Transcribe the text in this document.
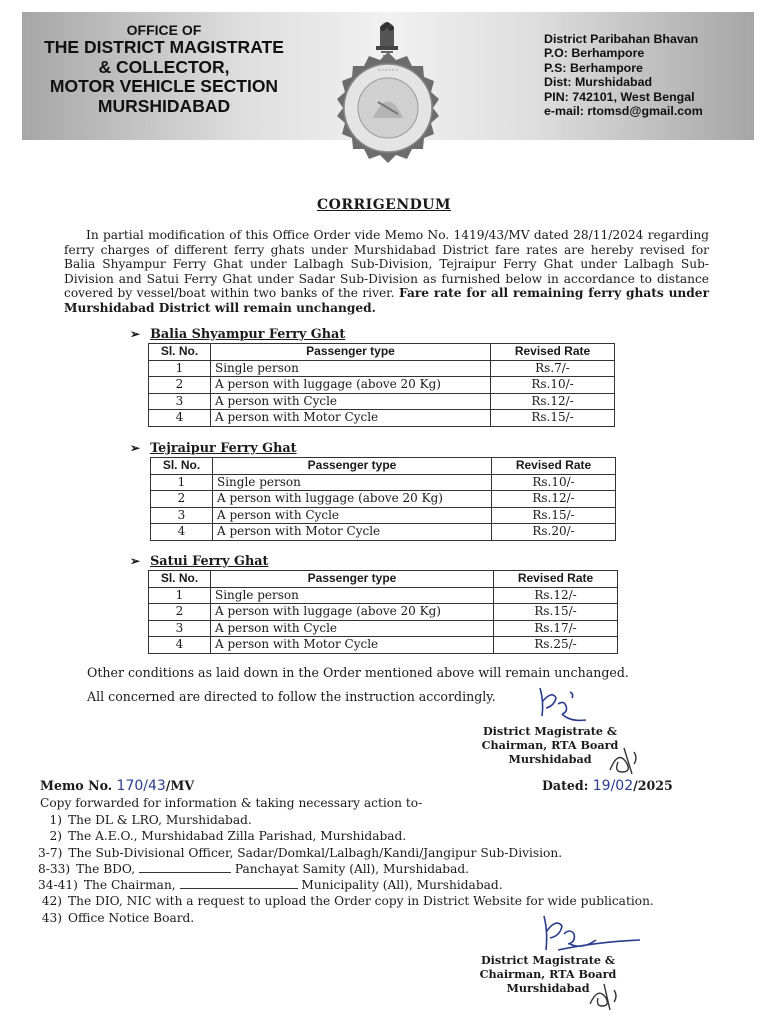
OFFICE OF
THE DISTRICT MAGISTRATE
& COLLECTOR,
MOTOR VEHICLE SECTION
MURSHIDABAD
◦◦◦◦◦◦
District Paribahan Bhavan
P.O: Berhampore
P.S: Berhampore
Dist: Murshidabad
PIN: 742101, West Bengal
e-mail: rtomsd@gmail.com
CORRIGENDUM

In partial modification of this Office Order vide Memo No. 1419/43/MV dated 28/11/2024 regarding ferry charges of different ferry ghats under Murshidabad District fare rates are hereby revised for Balia Shyampur Ferry Ghat under Lalbagh Sub-Division, Tejraipur Ferry Ghat under Lalbagh Sub-Division and Satui Ferry Ghat under Sadar Sub-Division as furnished below in accordance to distance covered by vessel/boat within two banks of the river. Fare rate for all remaining ferry ghats under Murshidabad District will remain unchanged.

➢ Balia Shyampur Ferry Ghat
Sl. No.	Passenger type	Revised Rate
1	Single person	Rs.7/-
2	A person with luggage (above 20 Kg)	Rs.10/-
3	A person with Cycle	Rs.12/-
4	A person with Motor Cycle	Rs.15/-
➢ Tejraipur Ferry Ghat
Sl. No.	Passenger type	Revised Rate
1	Single person	Rs.10/-
2	A person with luggage (above 20 Kg)	Rs.12/-
3	A person with Cycle	Rs.15/-
4	A person with Motor Cycle	Rs.20/-
➢ Satui Ferry Ghat
Sl. No.	Passenger type	Revised Rate
1	Single person	Rs.12/-
2	A person with luggage (above 20 Kg)	Rs.15/-
3	A person with Cycle	Rs.17/-
4	A person with Motor Cycle	Rs.25/-
Other conditions as laid down in the Order mentioned above will remain unchanged.
All concerned are directed to follow the instruction accordingly.
District Magistrate &
Chairman, RTA Board
Murshidabad
Memo No. 170/43/MV	Dated: 19/02/2025
Copy forwarded for information & taking necessary action to-
1) The DL & LRO, Murshidabad.
2) The A.E.O., Murshidabad Zilla Parishad, Murshidabad.
3-7) The Sub-Divisional Officer, Sadar/Domkal/Lalbagh/Kandi/Jangipur Sub-Division.
8-33) The BDO,	Panchayat Samity (All), Murshidabad.
34-41) The Chairman,	Municipality (All), Murshidabad.
42) The DIO, NIC with a request to upload the Order copy in District Website for wide publication.
43) Office Notice Board.
District Magistrate &
Chairman, RTA Board
Murshidabad
